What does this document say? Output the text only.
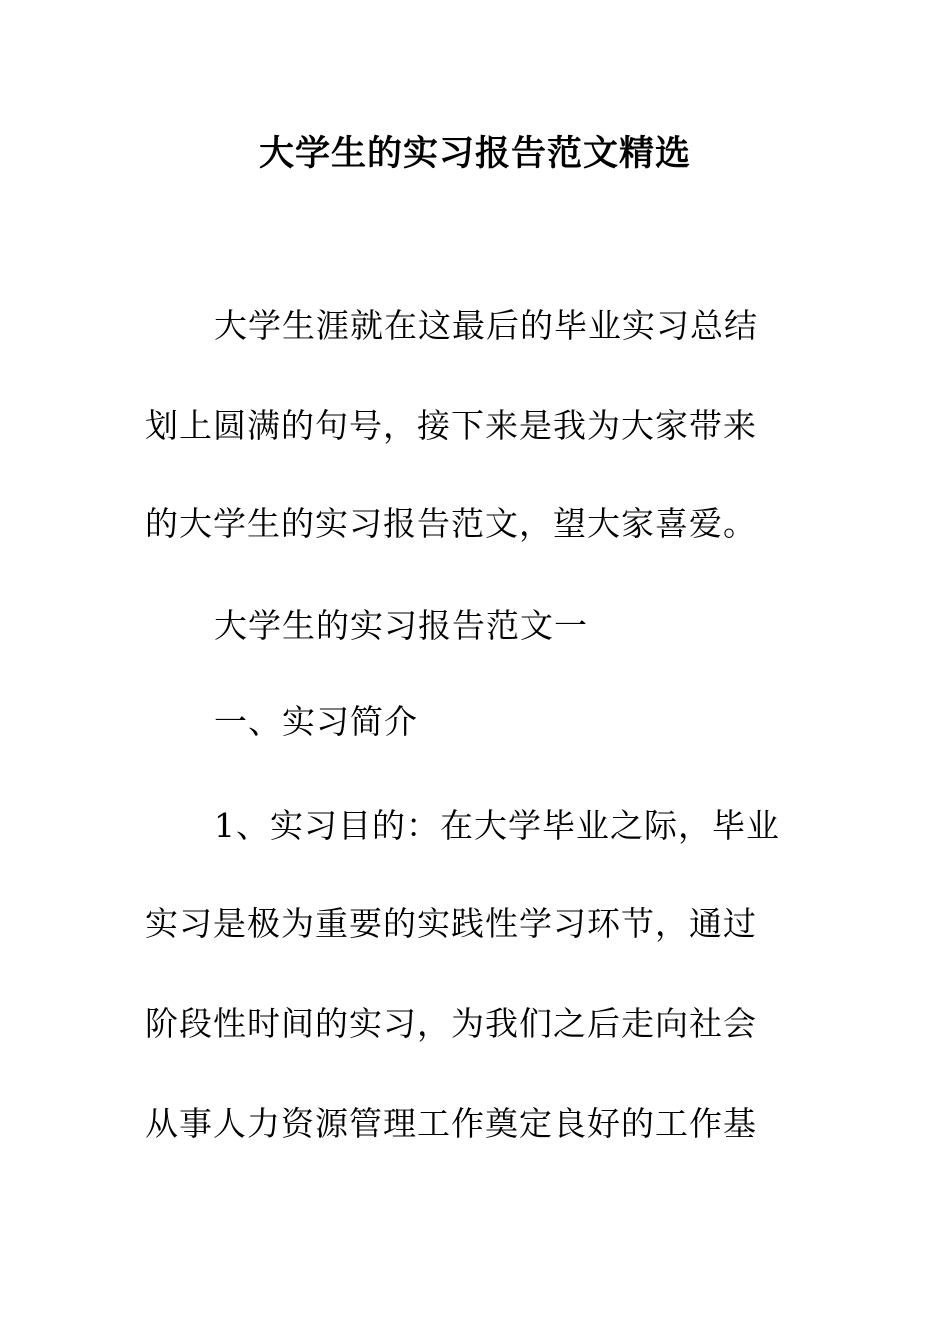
大学生的实习报告范文精选
大学生涯就在这最后的毕业实习总结
划上圆满的句号，接下来是我为大家带来
的大学生的实习报告范文，望大家喜爱。
大学生的实习报告范文一
一、实习简介
1、实习目的：在大学毕业之际，毕业
实习是极为重要的实践性学习环节，通过
阶段性时间的实习，为我们之后走向社会
从事人力资源管理工作奠定良好的工作基
